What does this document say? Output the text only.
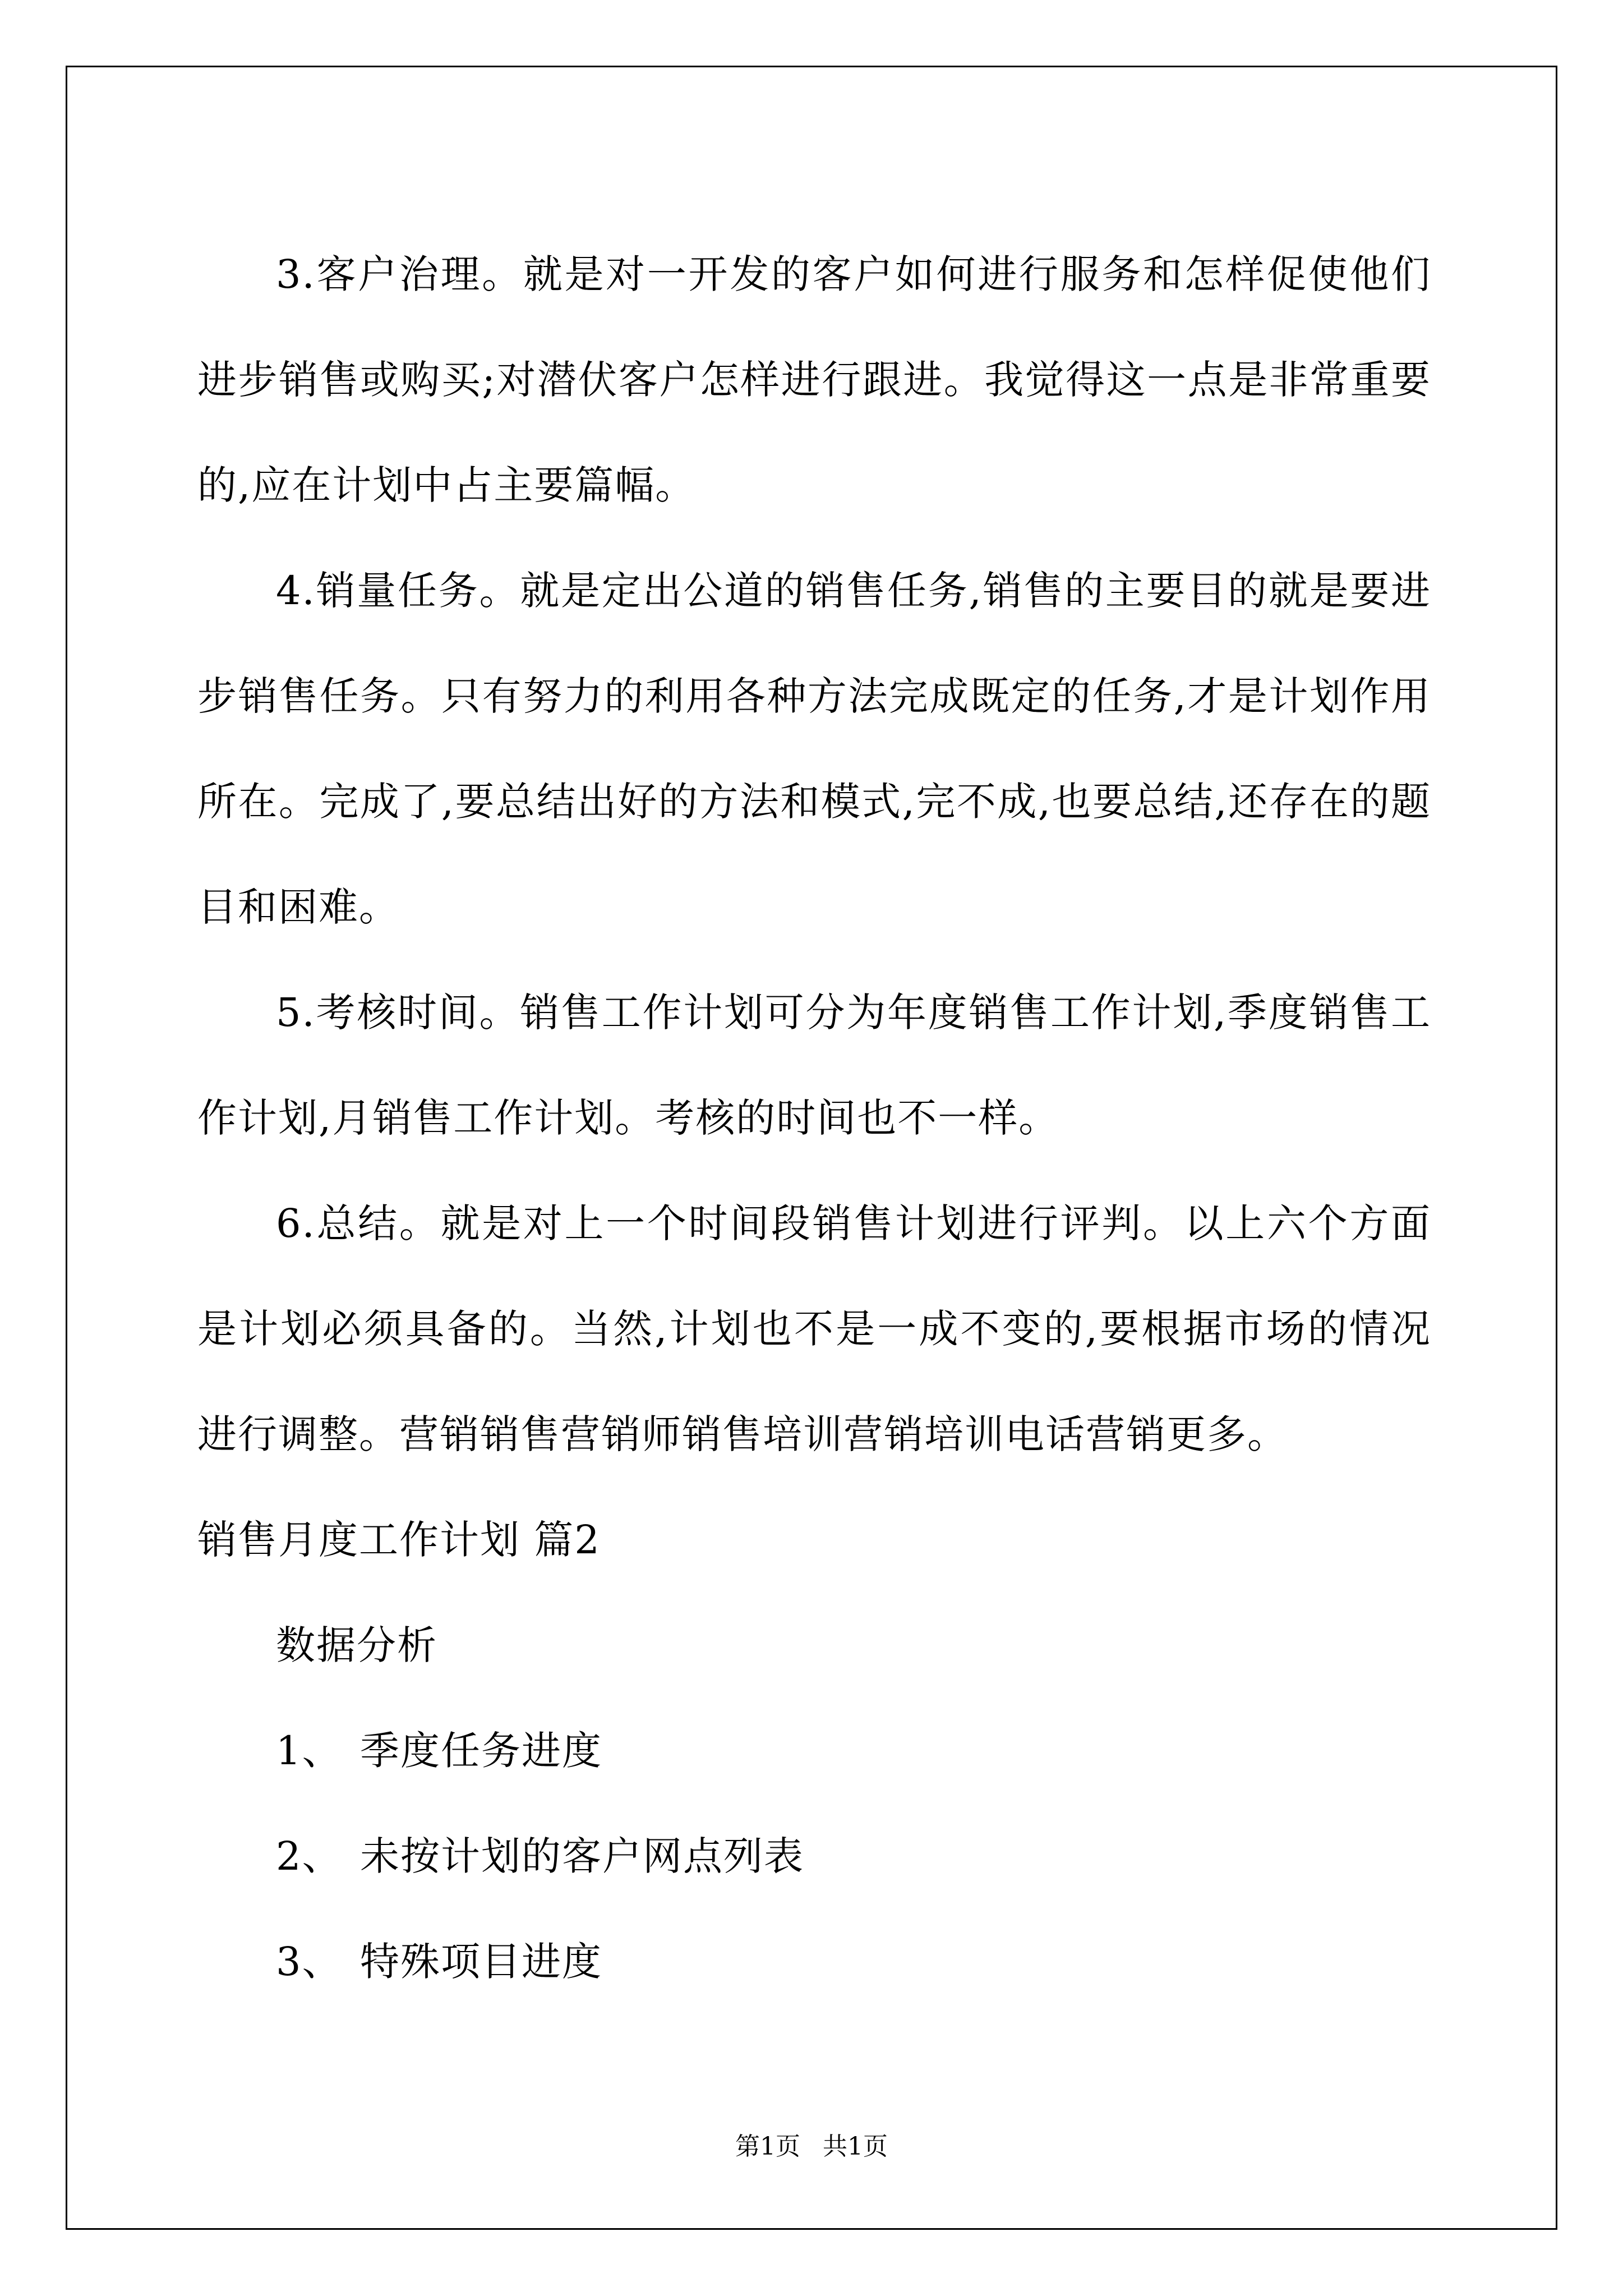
3.客户治理。就是对一开发的客户如何进行服务和怎样促使他们进步销售或购买;对潜伏客户怎样进行跟进。我觉得这一点是非常重要的,应在计划中占主要篇幅。

4.销量任务。就是定出公道的销售任务,销售的主要目的就是要进步销售任务。只有努力的利用各种方法完成既定的任务,才是计划作用所在。完成了,要总结出好的方法和模式,完不成,也要总结,还存在的题目和困难。

5.考核时间。销售工作计划可分为年度销售工作计划,季度销售工作计划,月销售工作计划。考核的时间也不一样。

6.总结。就是对上一个时间段销售计划进行评判。以上六个方面是计划必须具备的。当然,计划也不是一成不变的,要根据市场的情况进行调整。营销销售营销师销售培训营销培训电话营销更多。

销售月度工作计划 篇2

数据分析

1、 季度任务进度

2、 未按计划的客户网点列表

3、 特殊项目进度

第1页 共1页
